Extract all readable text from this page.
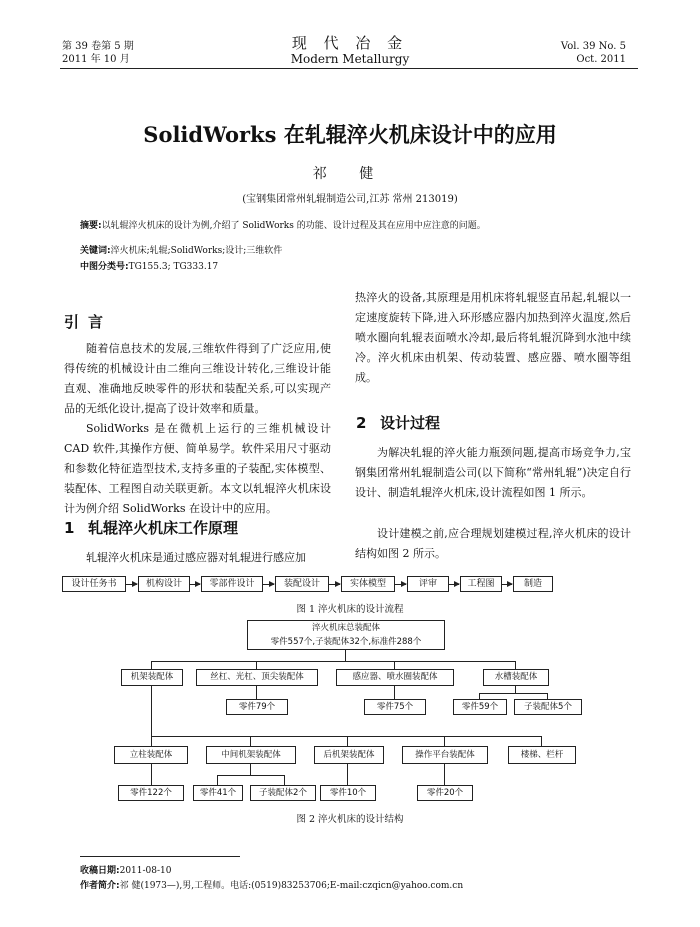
第 39 卷第 5 期
2011 年 10 月
现 代 冶 金
Modern Metallurgy
Vol. 39 No. 5
Oct. 2011
SolidWorks 在轧辊淬火机床设计中的应用
祁 健
(宝钢集团常州轧辊制造公司,江苏 常州 213019)
摘要:以轧辊淬火机床的设计为例,介绍了 SolidWorks 的功能、设计过程及其在应用中应注意的问题。
关键词:淬火机床;轧辊;SolidWorks;设计;三维软件
中图分类号:TG155.3; TG333.17
引 言
随着信息技术的发展,三维软件得到了广泛应用,使得传统的机械设计由二维向三维设计转化,三维设计能直观、准确地反映零件的形状和装配关系,可以实现产品的无纸化设计,提高了设计效率和质量。
SolidWorks 是在微机上运行的三维机械设计 CAD 软件,其操作方便、简单易学。软件采用尺寸驱动和参数化特征造型技术,支持多重的子装配,实体模型、装配体、工程图自动关联更新。本文以轧辊淬火机床设计为例介绍 SolidWorks 在设计中的应用。
1 轧辊淬火机床工作原理
轧辊淬火机床是通过感应器对轧辊进行感应加
热淬火的设备,其原理是用机床将轧辊竖直吊起,轧辊以一定速度旋转下降,进入环形感应器内加热到淬火温度,然后喷水圈向轧辊表面喷水冷却,最后将轧辊沉降到水池中续冷。淬火机床由机架、传动装置、感应器、喷水圈等组成。
2 设计过程
为解决轧辊的淬火能力瓶颈问题,提高市场竞争力,宝钢集团常州轧辊制造公司(以下简称“常州轧辊”)决定自行设计、制造轧辊淬火机床,设计流程如图 1 所示。
设计建模之前,应合理规划建模过程,淬火机床的设计结构如图 2 所示。
设计任务书	机构设计	零部件设计	装配设计	实体模型	评审	工程图	制造
图 1 淬火机床的设计流程
淬火机床总装配体
零件557个,子装配体32个,标准件288个
机架装配体	丝杠、光杠、顶尖装配体	感应器、喷水圈装配体	水槽装配体
零件79个	零件75个	零件59个	子装配体5个
立柱装配体	中间机架装配体	后机架装配体	操作平台装配体	楼梯、栏杆
零件122个	零件41个	子装配体2个	零件10个	零件20个
图 2 淬火机床的设计结构
收稿日期:2011-08-10
作者简介:祁 健(1973—),男,工程师。电话:(0519)83253706;E-mail:czqicn@yahoo.com.cn
